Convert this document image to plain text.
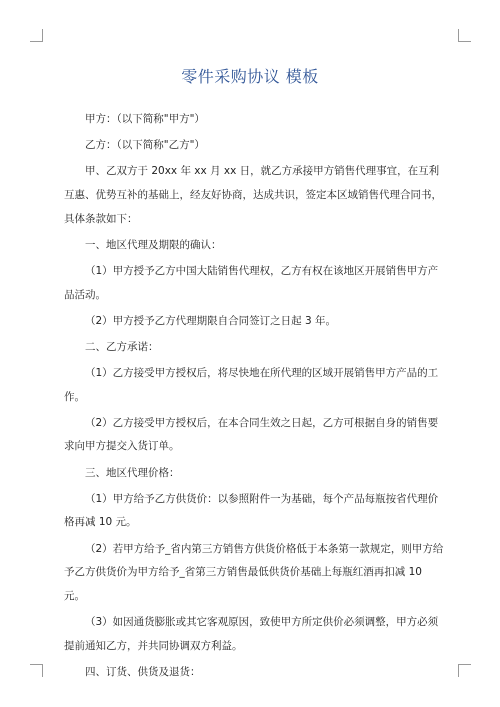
零件采购协议 模板

甲方：（以下简称"甲方"）

乙方：（以下简称"乙方"）

甲、乙双方于 20xx 年 xx 月 xx 日，就乙方承接甲方销售代理事宜，在互利互惠、优势互补的基础上，经友好协商，达成共识，签定本区域销售代理合同书，具体条款如下：

一、地区代理及期限的确认：

（1）甲方授予乙方中国大陆销售代理权，乙方有权在该地区开展销售甲方产品活动。

（2）甲方授予乙方代理期限自合同签订之日起 3 年。

二、乙方承诺：

（1）乙方接受甲方授权后，将尽快地在所代理的区域开展销售甲方产品的工作。

（2）乙方接受甲方授权后，在本合同生效之日起，乙方可根据自身的销售要求向甲方提交入货订单。

三、地区代理价格：

（1）甲方给予乙方供货价：以参照附件一为基础，每个产品每瓶按省代理价格再减 10 元。

（2）若甲方给予_省内第三方销售方供货价格低于本条第一款规定，则甲方给予乙方供货价为甲方给予_省第三方销售最低供货价基础上每瓶红酒再扣减 10 元。

（3）如因通货膨胀或其它客观原因，致使甲方所定供价必须调整，甲方必须提前通知乙方，并共同协调双方利益。

四、订货、供货及退货：
